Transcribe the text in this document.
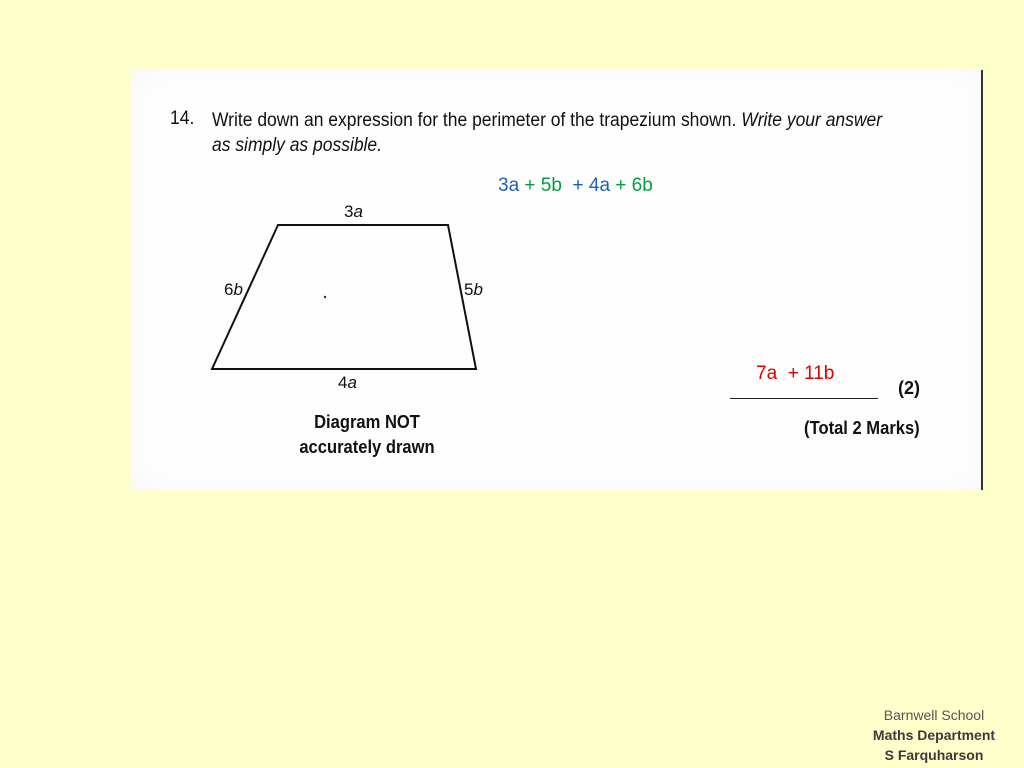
14. Write down an expression for the perimeter of the trapezium shown. Write your answer as simply as possible.
3a + 5b  + 4a + 6b
3a
6b	5b
4a
Diagram NOT
accurately drawn
7a  + 11b
(2)
(Total 2 Marks)
Barnwell School
Maths Department
S Farquharson
